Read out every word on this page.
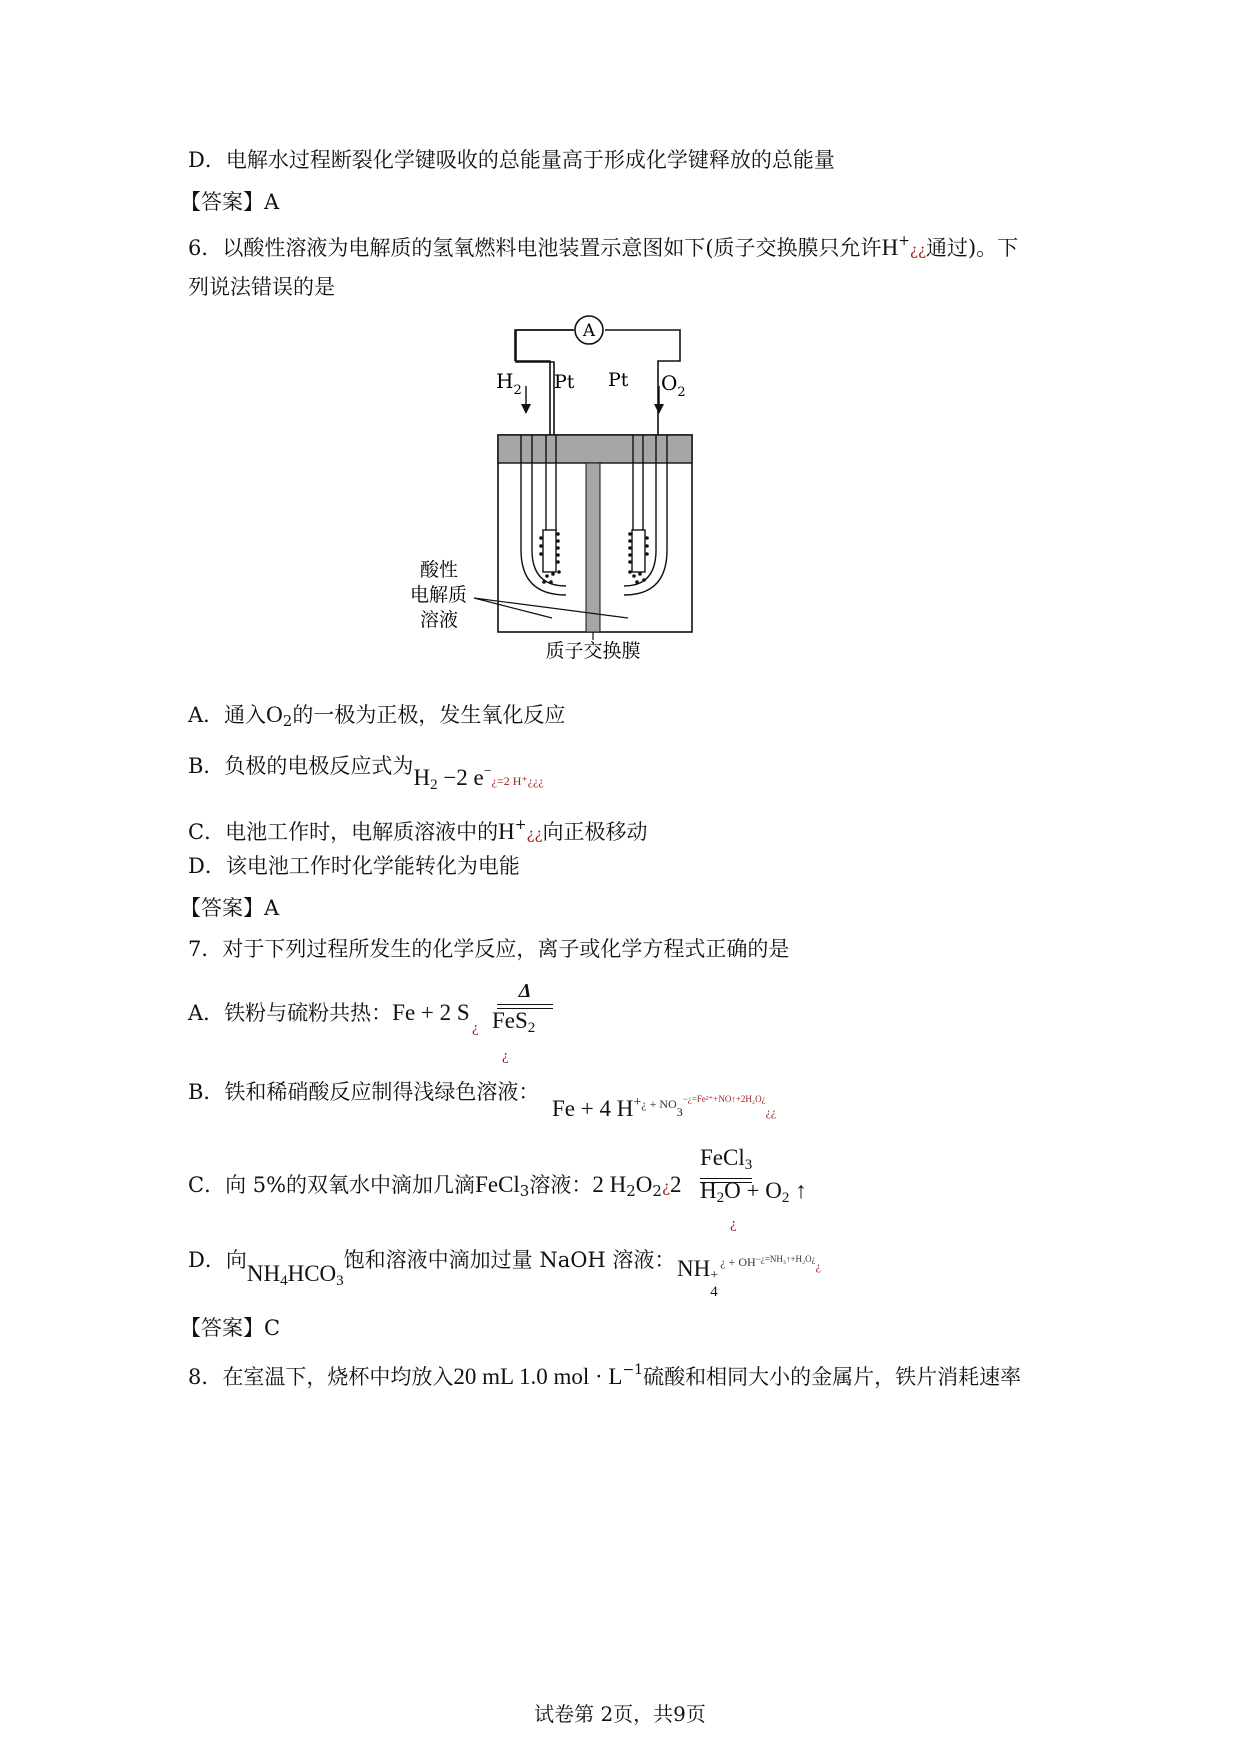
D．电解水过程断裂化学键吸收的总能量高于形成化学键释放的总能量
【答案】A
6．以酸性溶液为电解质的氢氧燃料电池装置示意图如下(质子交换膜只允许H+¿¿通过)。下
列说法错误的是
A
$H_2$ Pt Pt $O_2$
酸性
电解质
溶液
质子交换膜
A．通入$O_2$的一极为正极，发生氧化反应
B．负极的电极反应式为$H_2 -2$ e−¿=2 H⁺¿¿¿
C．电池工作时，电解质溶液中的H+¿¿向正极移动
D．该电池工作时化学能转化为电能
【答案】A
7．对于下列过程所发生的化学反应，离子或化学方程式正确的是
A．铁粉与硫粉共热：Fe + 2 S
¿
Δ
FeS$_2$
¿
B．铁和稀硝酸反应制得浅绿色溶液：
Fe + 4 $H^{+¿ + NO}3^{-¿=Fe^{2+}+NO↑+2H_2O¿}¿¿$
C．向 5%的双氧水中滴加几滴FeCl$_3$溶液：2 $H_2O_2¿2$
FeCl$_3$
$H_2O + O_2$ ↑
¿
D．向$NH_4HCO_3$饱和溶液中滴加过量 NaOH 溶液： NH +
4
$^{¿ + OH-¿=NH_3↑+H_2O¿¿}$
【答案】C
8．在室温下，烧杯中均放入20 mL 1.0 mol · $L^{-1}$硫酸和相同大小的金属片，铁片消耗速率
试卷第 2页，共9页
